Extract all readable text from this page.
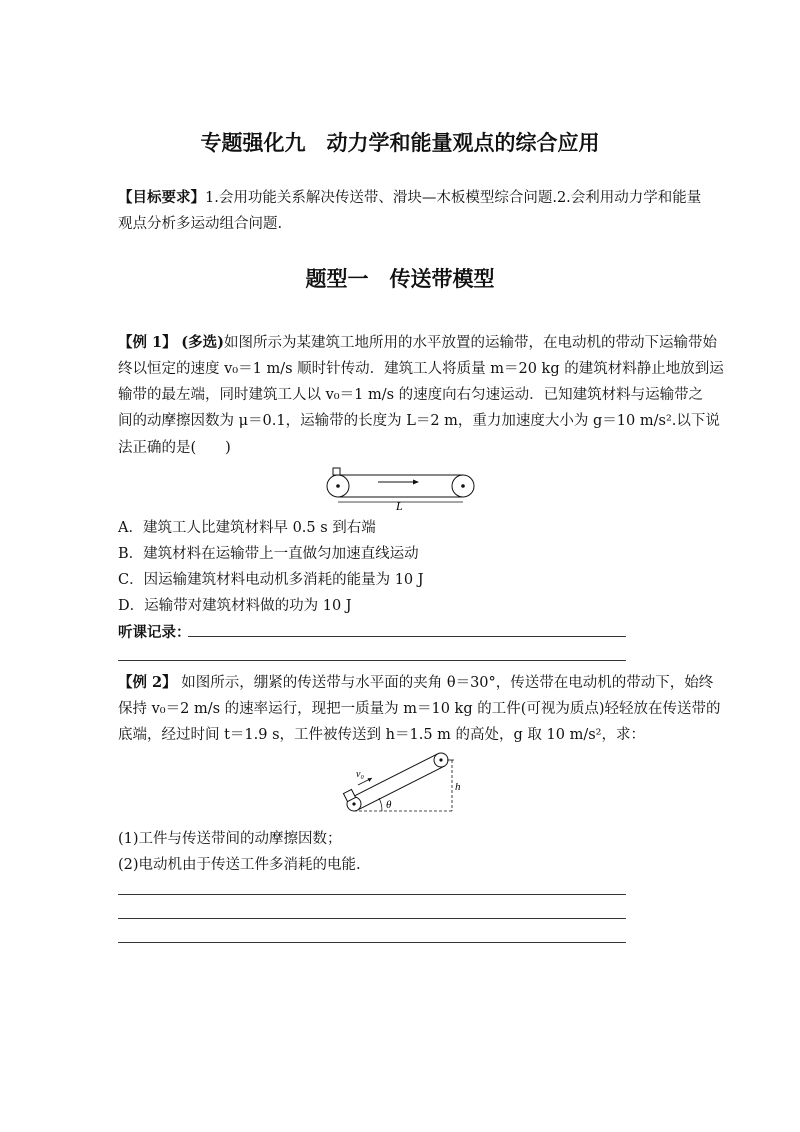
专题强化九　动力学和能量观点的综合应用
【目标要求】1.会用功能关系解决传送带、滑块—木板模型综合问题.2.会利用动力学和能量
观点分析多运动组合问题.
题型一　传送带模型
【例 1】 (多选)如图所示为某建筑工地所用的水平放置的运输带，在电动机的带动下运输带始
终以恒定的速度 v₀＝1 m/s 顺时针传动．建筑工人将质量 m＝20 kg 的建筑材料静止地放到运
输带的最左端，同时建筑工人以 v₀＝1 m/s 的速度向右匀速运动．已知建筑材料与运输带之
间的动摩擦因数为 μ＝0.1，运输带的长度为 L＝2 m，重力加速度大小为 g＝10 m/s².以下说
法正确的是(　　)
L
A．建筑工人比建筑材料早 0.5 s 到右端
B．建筑材料在运输带上一直做匀加速直线运动
C．因运输建筑材料电动机多消耗的能量为 10 J
D．运输带对建筑材料做的功为 10 J
听课记录：
【例 2】 如图所示，绷紧的传送带与水平面的夹角 θ＝30°，传送带在电动机的带动下，始终
保持 v₀＝2 m/s 的速率运行，现把一质量为 m＝10 kg 的工件(可视为质点)轻轻放在传送带的
底端，经过时间 t＝1.9 s，工件被传送到 h＝1.5 m 的高处，g 取 10 m/s²，求：
θ
h
v₀
(1)工件与传送带间的动摩擦因数；
(2)电动机由于传送工件多消耗的电能.
